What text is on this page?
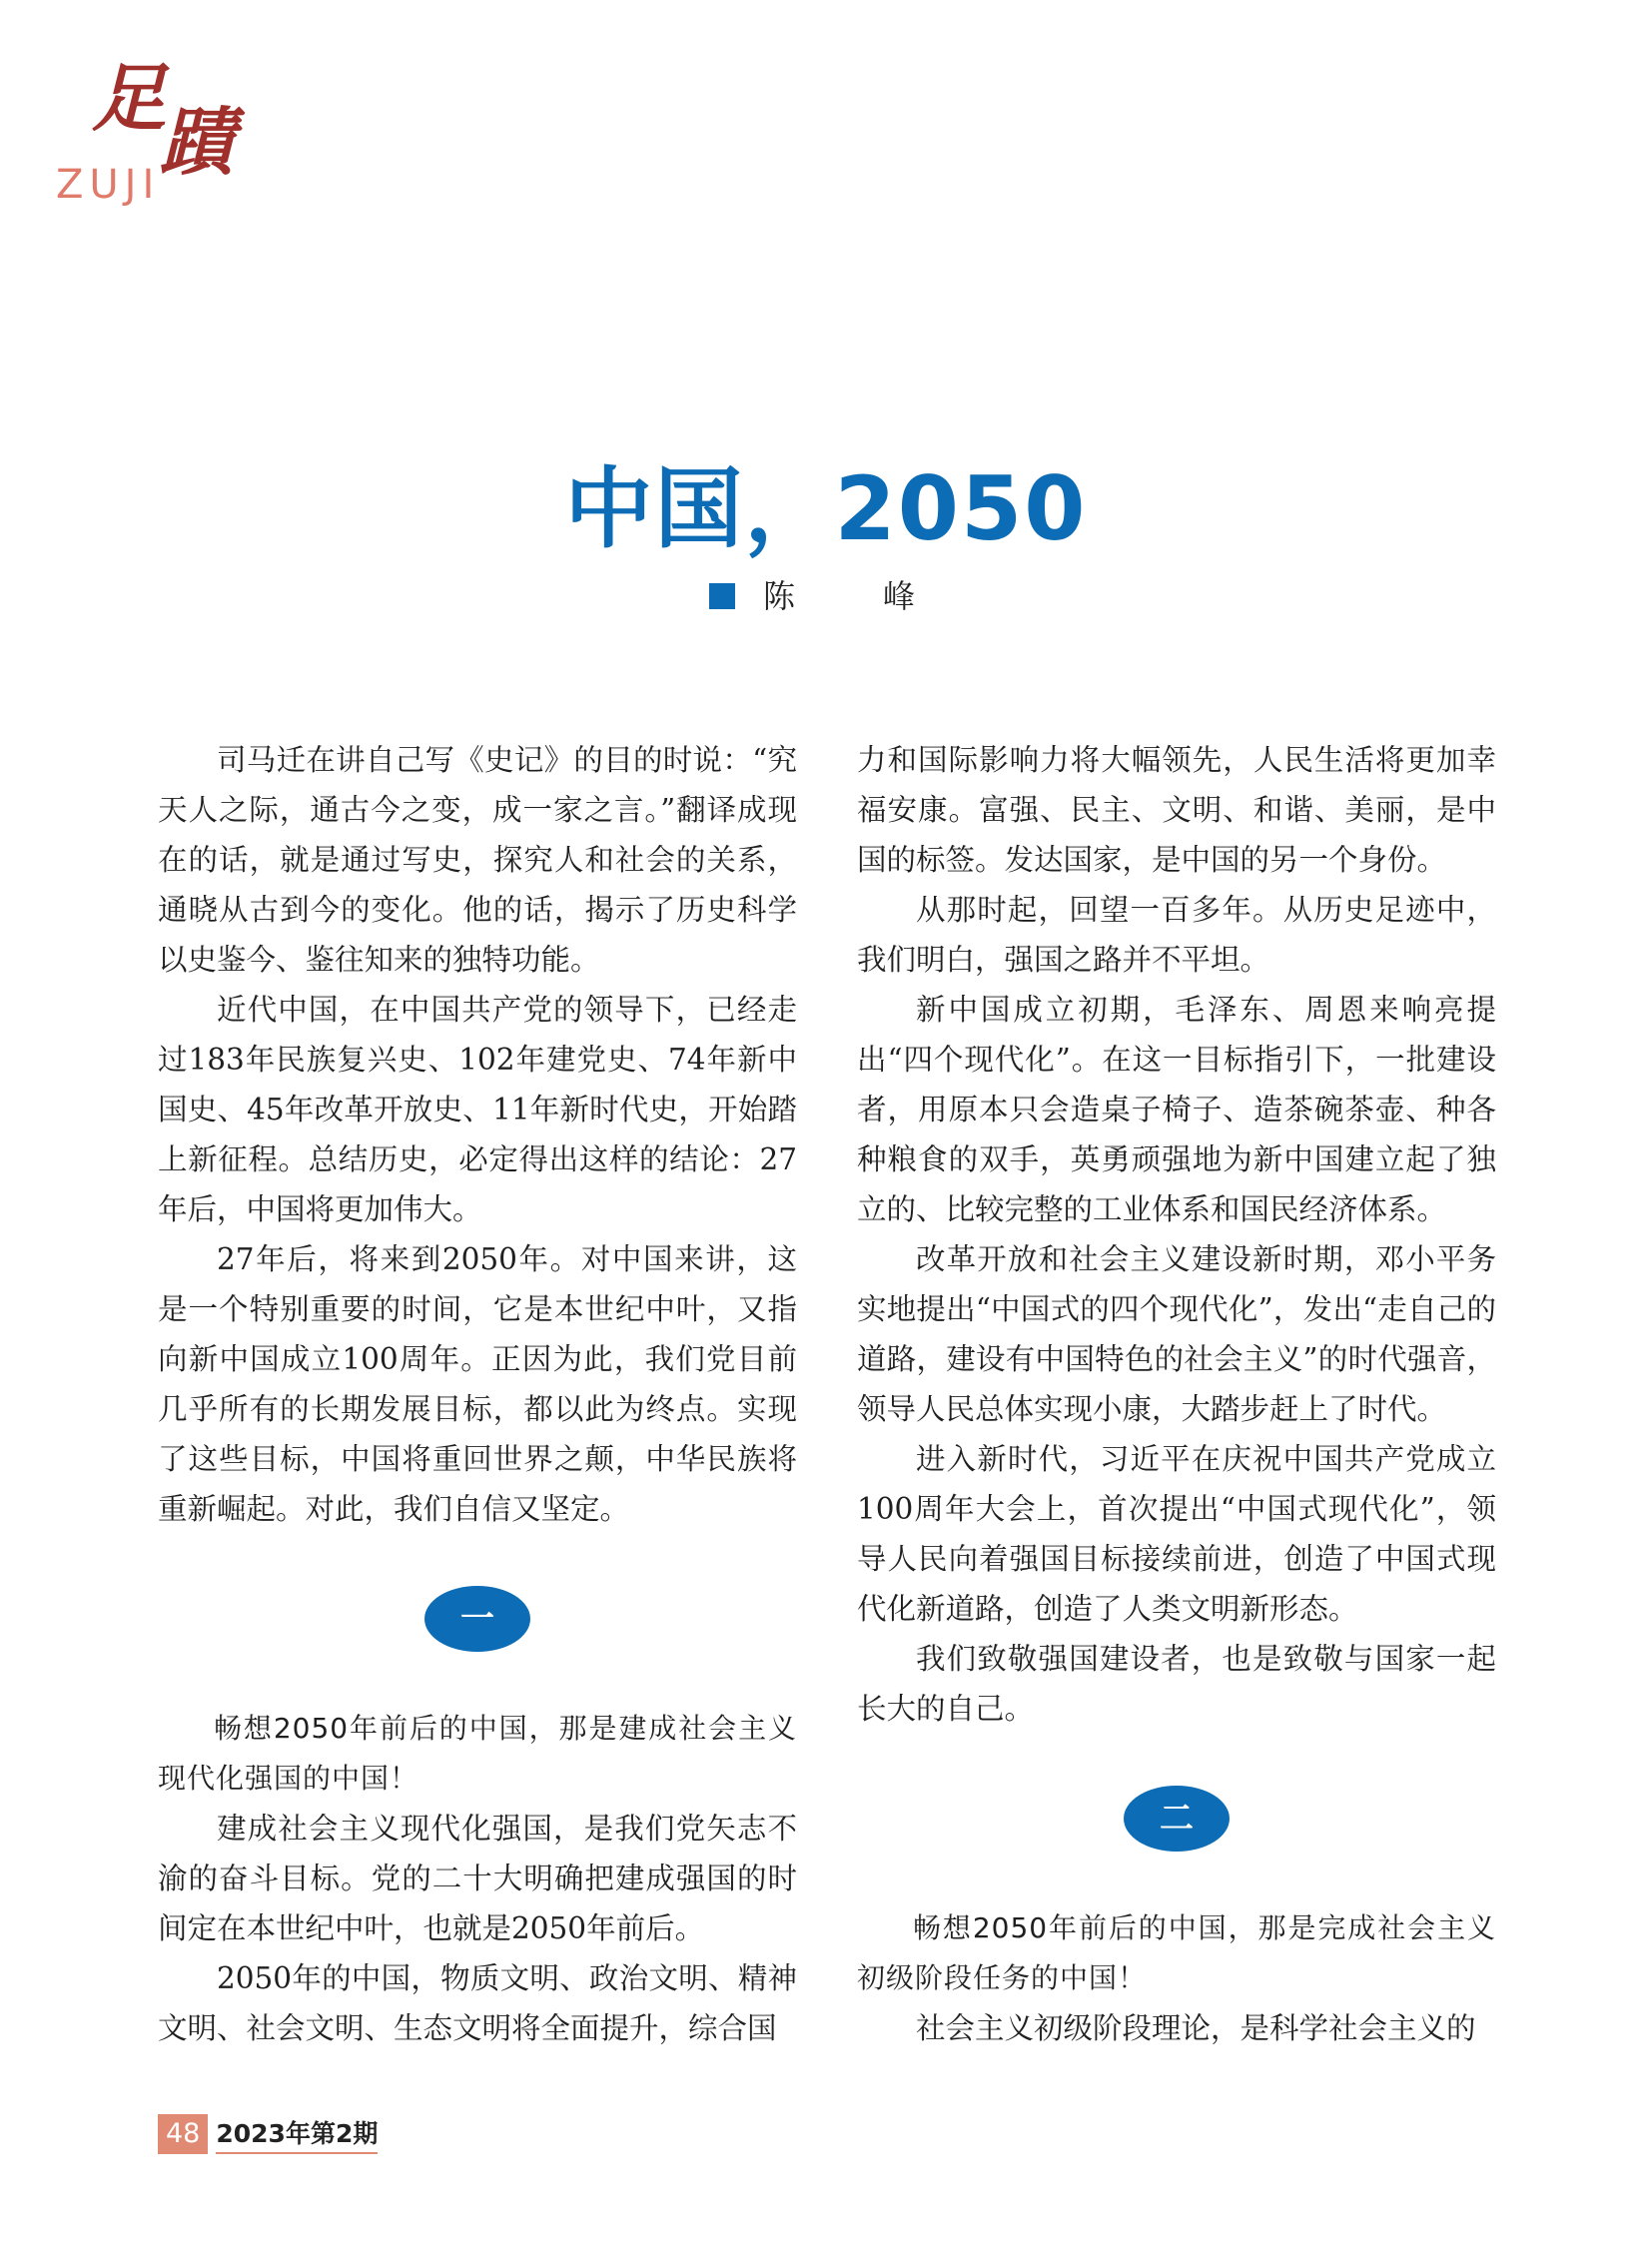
足
蹟
ZUJI
中国，2050
陈　峰

司马迁在讲自己写《史记》的目的时说：“究天人之际，通古今之变，成一家之言。”翻译成现在的话，就是通过写史，探究人和社会的关系，通晓从古到今的变化。他的话，揭示了历史科学以史鉴今、鉴往知来的独特功能。

近代中国，在中国共产党的领导下，已经走过183年民族复兴史、102年建党史、74年新中国史、45年改革开放史、11年新时代史，开始踏上新征程。总结历史，必定得出这样的结论：27年后，中国将更加伟大。

27年后，将来到2050年。对中国来讲，这是一个特别重要的时间，它是本世纪中叶，又指向新中国成立100周年。正因为此，我们党目前几乎所有的长期发展目标，都以此为终点。实现了这些目标，中国将重回世界之颠，中华民族将重新崛起。对此，我们自信又坚定。

一

畅想2050年前后的中国，那是建成社会主义现代化强国的中国！

建成社会主义现代化强国，是我们党矢志不渝的奋斗目标。党的二十大明确把建成强国的时间定在本世纪中叶，也就是2050年前后。

2050年的中国，物质文明、政治文明、精神文明、社会文明、生态文明将全面提升，综合国

力和国际影响力将大幅领先，人民生活将更加幸福安康。富强、民主、文明、和谐、美丽，是中国的标签。发达国家，是中国的另一个身份。

从那时起，回望一百多年。从历史足迹中，我们明白，强国之路并不平坦。

新中国成立初期，毛泽东、周恩来响亮提出“四个现代化”。在这一目标指引下，一批建设者，用原本只会造桌子椅子、造茶碗茶壶、种各种粮食的双手，英勇顽强地为新中国建立起了独立的、比较完整的工业体系和国民经济体系。

改革开放和社会主义建设新时期，邓小平务实地提出“中国式的四个现代化”，发出“走自己的道路，建设有中国特色的社会主义”的时代强音，领导人民总体实现小康，大踏步赶上了时代。

进入新时代，习近平在庆祝中国共产党成立100周年大会上，首次提出“中国式现代化”，领导人民向着强国目标接续前进，创造了中国式现代化新道路，创造了人类文明新形态。

我们致敬强国建设者，也是致敬与国家一起长大的自己。

二

畅想2050年前后的中国，那是完成社会主义初级阶段任务的中国！

社会主义初级阶段理论，是科学社会主义的

48 2023年第2期
